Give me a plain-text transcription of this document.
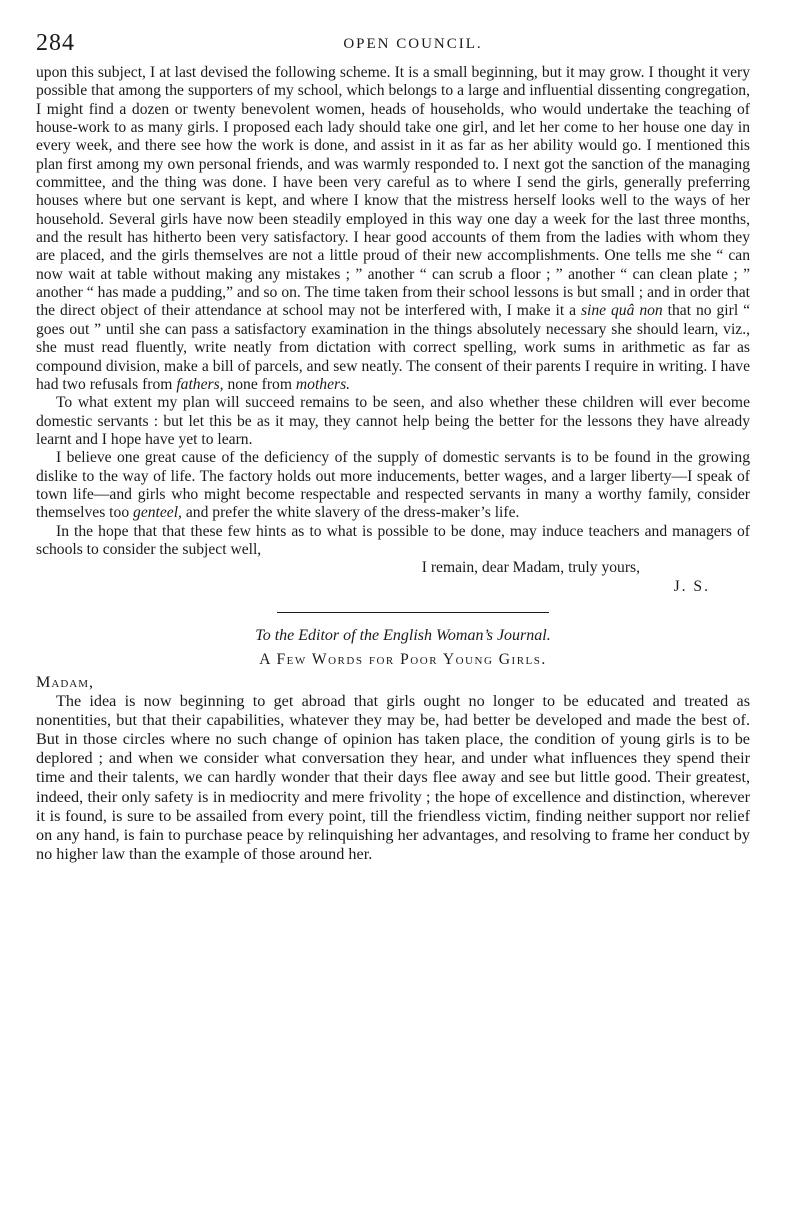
284	OPEN COUNCIL.

upon this subject, I at last devised the following scheme. It is a small beginning, but it may grow. I thought it very possible that among the supporters of my school, which belongs to a large and influential dissenting congregation, I might find a dozen or twenty benevolent women, heads of households, who would undertake the teaching of house-work to as many girls. I proposed each lady should take one girl, and let her come to her house one day in every week, and there see how the work is done, and assist in it as far as her ability would go. I mentioned this plan first among my own personal friends, and was warmly responded to. I next got the sanction of the managing committee, and the thing was done. I have been very careful as to where I send the girls, generally preferring houses where but one servant is kept, and where I know that the mistress herself looks well to the ways of her household. Several girls have now been steadily employed in this way one day a week for the last three months, and the result has hitherto been very satisfactory. I hear good accounts of them from the ladies with whom they are placed, and the girls themselves are not a little proud of their new accomplishments. One tells me she “ can now wait at table without making any mistakes ; ” another “ can scrub a floor ; ” another “ can clean plate ; ” another “ has made a pudding,” and so on. The time taken from their school lessons is but small ; and in order that the direct object of their attendance at school may not be interfered with, I make it a sine quâ non that no girl “ goes out ” until she can pass a satisfactory examination in the things absolutely necessary she should learn, viz., she must read fluently, write neatly from dictation with correct spelling, work sums in arithmetic as far as compound division, make a bill of parcels, and sew neatly. The consent of their parents I require in writing. I have had two refusals from fathers, none from mothers.

To what extent my plan will succeed remains to be seen, and also whether these children will ever become domestic servants : but let this be as it may, they cannot help being the better for the lessons they have already learnt and I hope have yet to learn.

I believe one great cause of the deficiency of the supply of domestic servants is to be found in the growing dislike to the way of life. The factory holds out more inducements, better wages, and a larger liberty—I speak of town life—and girls who might become respectable and respected servants in many a worthy family, consider themselves too genteel, and prefer the white slavery of the dress-maker’s life.

In the hope that that these few hints as to what is possible to be done, may induce teachers and managers of schools to consider the subject well,

I remain, dear Madam, truly yours,

J. S.

To the Editor of the English Woman’s Journal.
A Few Words for Poor Young Girls.

Madam,

The idea is now beginning to get abroad that girls ought no longer to be educated and treated as nonentities, but that their capabilities, whatever they may be, had better be developed and made the best of. But in those circles where no such change of opinion has taken place, the condition of young girls is to be deplored ; and when we consider what conversation they hear, and under what influences they spend their time and their talents, we can hardly wonder that their days flee away and see but little good. Their greatest, indeed, their only safety is in mediocrity and mere frivolity ; the hope of excellence and distinction, wherever it is found, is sure to be assailed from every point, till the friendless victim, finding neither support nor relief on any hand, is fain to purchase peace by relinquishing her advantages, and resolving to frame her conduct by no higher law than the example of those around her.
